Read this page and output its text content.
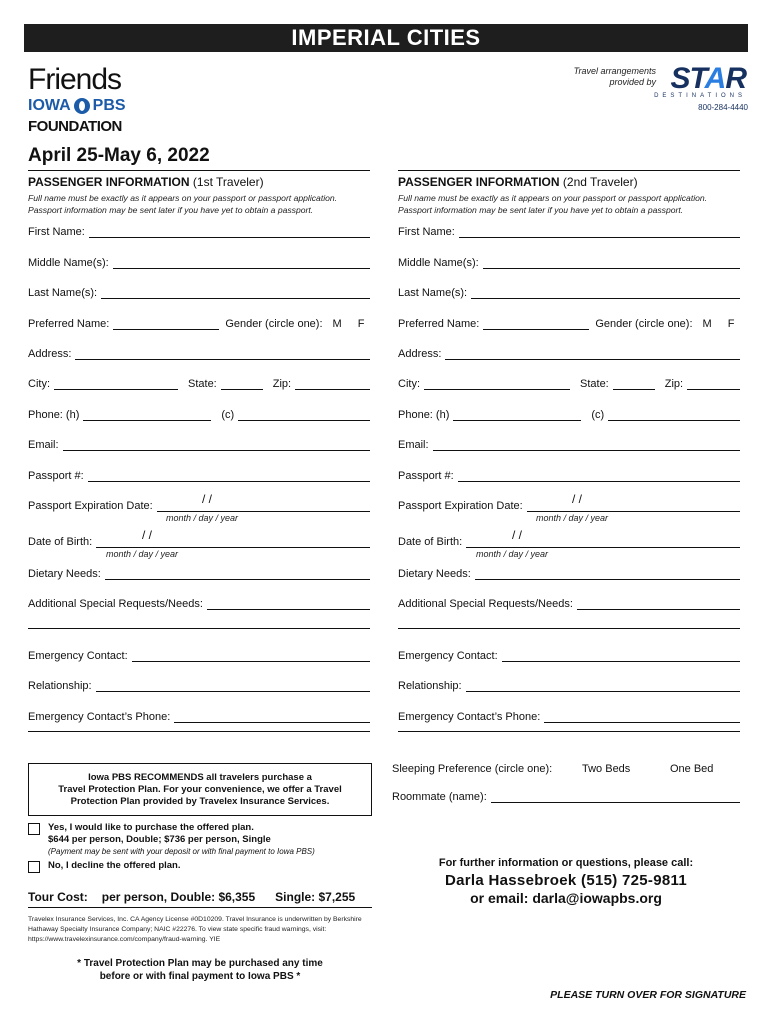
IMPERIAL CITIES
Friends
IOWA PBS
FOUNDATION
Travel arrangements
provided by STAR
DESTINATIONS
800-284-4440
April 25-May 6, 2022
PASSENGER INFORMATION (1st Traveler)
Full name must be exactly as it appears on your passport or passport application.
Passport information may be sent later if you have yet to obtain a passport.
First Name:
Middle Name(s):
Last Name(s):
Preferred Name:	Gender (circle one): M F
Address:
City:	State:	Zip:
Phone: (h)	(c)
Email:
Passport #:
Passport Expiration Date:	/ /
month / day / year
Date of Birth:	/ /
month / day / year
Dietary Needs:
Additional Special Requests/Needs:
Emergency Contact:
Relationship:
Emergency Contact’s Phone:
PASSENGER INFORMATION (2nd Traveler)
Full name must be exactly as it appears on your passport or passport application.
Passport information may be sent later if you have yet to obtain a passport.
First Name:
Middle Name(s):
Last Name(s):
Preferred Name:	Gender (circle one): M F
Address:
City:	State:	Zip:
Phone: (h)	(c)
Email:
Passport #:
Passport Expiration Date:	/ /
month / day / year
Date of Birth:	/ /
month / day / year
Dietary Needs:
Additional Special Requests/Needs:
Emergency Contact:
Relationship:
Emergency Contact’s Phone:
Iowa PBS RECOMMENDS all travelers purchase a
Travel Protection Plan. For your convenience, we offer a Travel
Protection Plan provided by Travelex Insurance Services.
Yes, I would like to purchase the offered plan.
$644 per person, Double; $736 per person, Single
(Payment may be sent with your deposit or with final payment to Iowa PBS)
No, I decline the offered plan.
Tour Cost: per person, Double: $6,355 Single: $7,255
Travelex Insurance Services, Inc. CA Agency License #0D10209. Travel Insurance is underwritten by Berkshire Hathaway Specialty Insurance Company; NAIC #22276. To view state specific fraud warnings, visit: https://www.travelexinsurance.com/company/fraud-warning. YIE
* Travel Protection Plan may be purchased any time
before or with final payment to Iowa PBS *
Sleeping Preference (circle one):	Two Beds	One Bed
Roommate
(name):
For further information or questions, please call:
Darla Hassebroek (515) 725-9811
or email: darla@iowapbs.org
PLEASE TURN OVER FOR SIGNATURE
